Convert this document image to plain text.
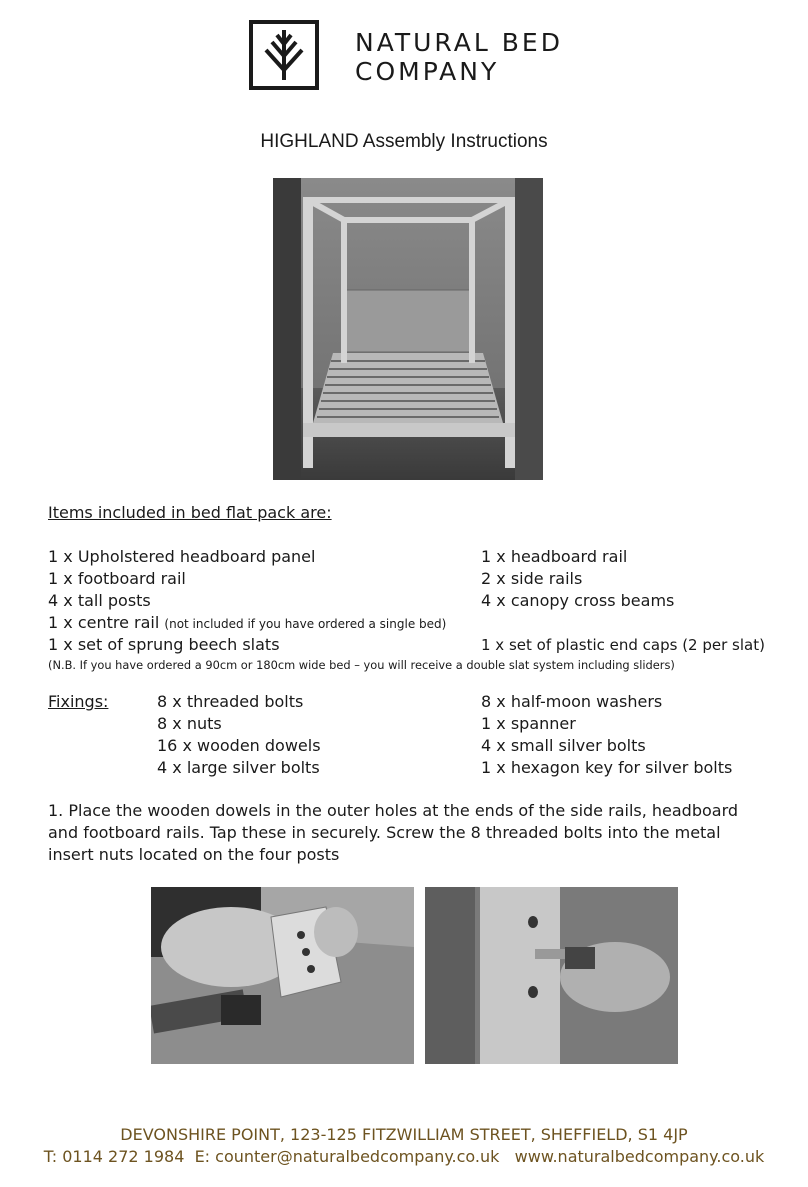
NATURAL BED
COMPANY
HIGHLAND Assembly Instructions
Items included in bed flat pack are:
1 x Upholstered headboard panel
1 x footboard rail
4 x tall posts
1 x centre rail (not included if you have ordered a single bed)
1 x set of sprung beech slats
1 x headboard rail
2 x side rails
4 x canopy cross beams
1 x set of plastic end caps (2 per slat)
(N.B. If you have ordered a 90cm or 180cm wide bed – you will receive a double slat system including sliders)
Fixings:	8 x threaded bolts
8 x nuts
16 x wooden dowels
4 x large silver bolts
8 x half-moon washers
1 x spanner
4 x small silver bolts
1 x hexagon key for silver bolts
1. Place the wooden dowels in the outer holes at the ends of the side rails, headboard and footboard rails. Tap these in securely. Screw the 8 threaded bolts into the metal insert nuts located on the four posts
DEVONSHIRE POINT, 123-125 FITZWILLIAM STREET, SHEFFIELD, S1 4JP
T: 0114 272 1984 E: counter@naturalbedcompany.co.uk www.naturalbedcompany.co.uk
